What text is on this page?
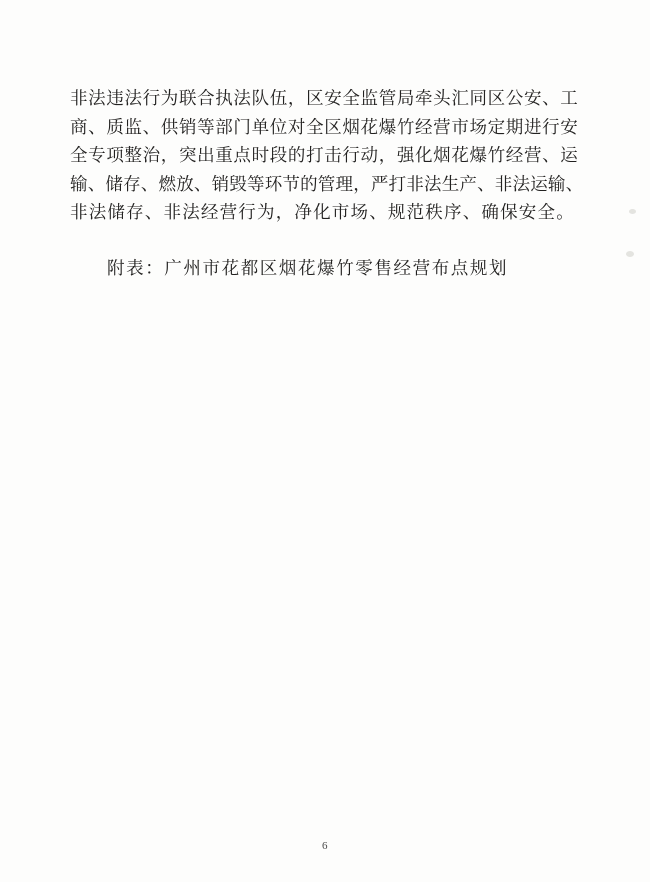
非法违法行为联合执法队伍，区安全监管局牵头汇同区公安、工
商、质监、供销等部门单位对全区烟花爆竹经营市场定期进行安
全专项整治，突出重点时段的打击行动，强化烟花爆竹经营、运
输、储存、燃放、销毁等环节的管理，严打非法生产、非法运输、
非法储存、非法经营行为，净化市场、规范秩序、确保安全。
附表：广州市花都区烟花爆竹零售经营布点规划
6
